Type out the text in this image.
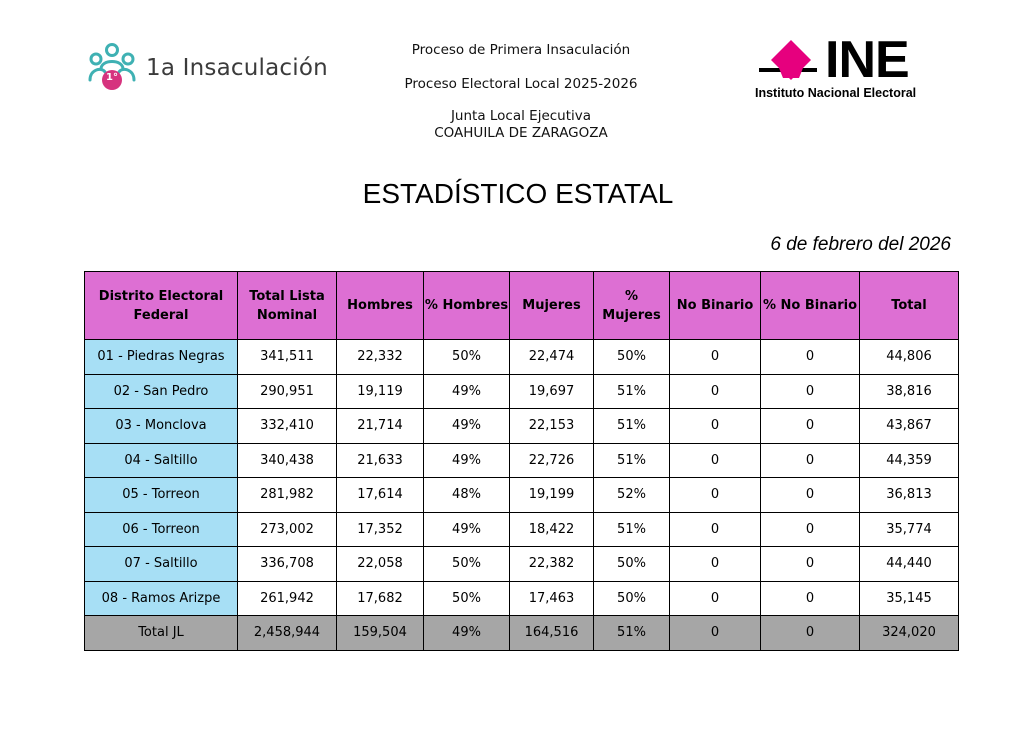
1° 1a Insaculación
Proceso de Primera Insaculación
Proceso Electoral Local 2025-2026
Junta Local Ejecutiva
COAHUILA DE ZARAGOZA
INE
Instituto Nacional Electoral
ESTADÍSTICO ESTATAL
6 de febrero del 2026
Distrito Electoral Federal	Total Lista Nominal	Hombres	% Hombres	Mujeres	% Mujeres	No Binario	% No Binario	Total
01 - Piedras Negras	341,511	22,332	50%	22,474	50%	0	0	44,806
02 - San Pedro	290,951	19,119	49%	19,697	51%	0	0	38,816
03 - Monclova	332,410	21,714	49%	22,153	51%	0	0	43,867
04 - Saltillo	340,438	21,633	49%	22,726	51%	0	0	44,359
05 - Torreon	281,982	17,614	48%	19,199	52%	0	0	36,813
06 - Torreon	273,002	17,352	49%	18,422	51%	0	0	35,774
07 - Saltillo	336,708	22,058	50%	22,382	50%	0	0	44,440
08 - Ramos Arizpe	261,942	17,682	50%	17,463	50%	0	0	35,145
Total JL	2,458,944	159,504	49%	164,516	51%	0	0	324,020
